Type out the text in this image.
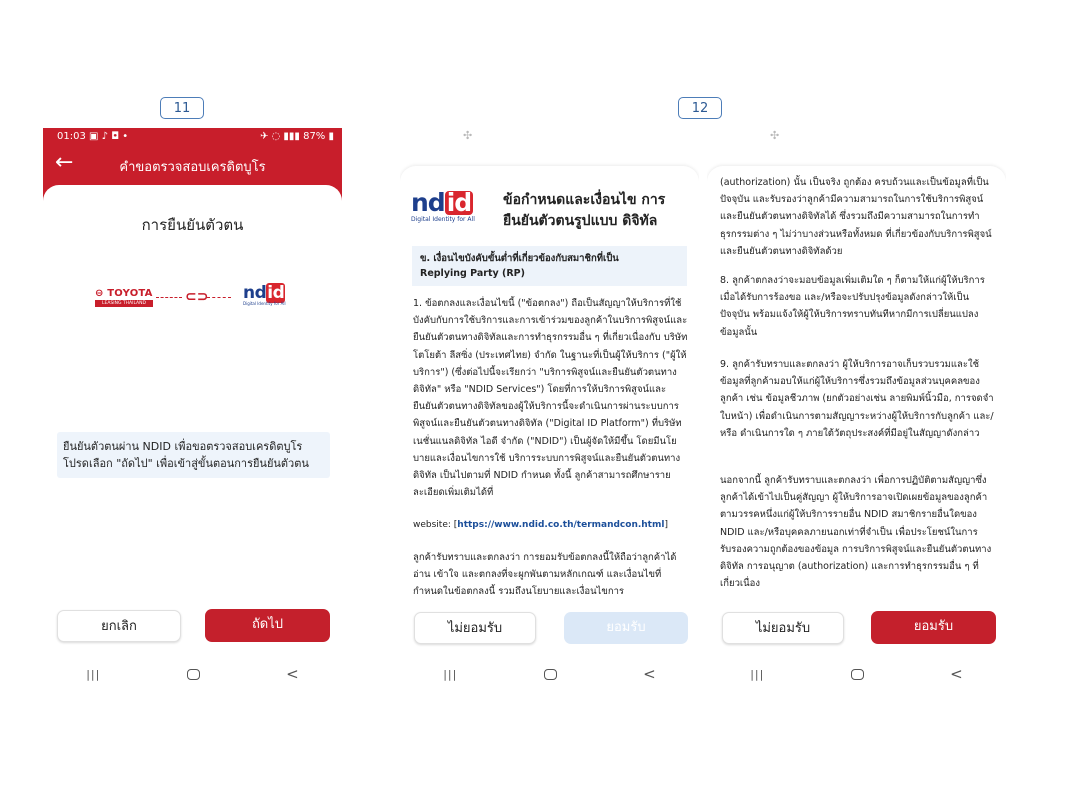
11	12
✣	✣
01:03 ▣ ♪ ◘ •	✈ ◌ ▮▮▮ 87% ▮
←	คำขอตรวจสอบเครดิตบูโร
การยืนยันตัวตน
⊖ TOYOTA
LEASING THAILAND	⊂⊃ ndid
Digital Identity for All
ยืนยันตัวตนผ่าน NDID เพื่อขอตรวจสอบเครดิตบูโร โปรดเลือก "ถัดไป" เพื่อเข้าสู่ขั้นตอนการยืนยันตัวตน
ยกเลิก	ถัดไป
|||	<
ndid
Digital Identity for All
ข้อกำหนดและเงื่อนไข การ
ยืนยันตัวตนรูปแบบ ดิจิทัล
ข. เงื่อนไขบังคับขั้นต่ำที่เกี่ยวข้องกับสมาชิกที่เป็น
Replying Party (RP)
1. ข้อตกลงและเงื่อนไขนี้ ("ข้อตกลง") ถือเป็นสัญญาให้บริการที่ใช้บังคับกับการใช้บริการและการเข้าร่วมของลูกค้าในบริการพิสูจน์และยืนยันตัวตนทางดิจิทัลและการทำธุรกรรมอื่น ๆ ที่เกี่ยวเนื่องกับ บริษัท โตโยต้า ลีสซิ่ง (ประเทศไทย) จำกัด ในฐานะที่เป็นผู้ให้บริการ ("ผู้ให้บริการ") (ซึ่งต่อไปนี้จะเรียกว่า "บริการพิสูจน์และยืนยันตัวตนทางดิจิทัล" หรือ "NDID Services") โดยที่การให้บริการพิสูจน์และยืนยันตัวตนทางดิจิทัลของผู้ให้บริการนี้จะดำเนินการผ่านระบบการพิสูจน์และยืนยันตัวตนทางดิจิทัล ("Digital ID Platform") ที่บริษัท เนชั่นแนลดิจิทัล ไอดี จำกัด ("NDID") เป็นผู้จัดให้มีขึ้น โดยมีนโยบายและเงื่อนไขการใช้ บริการระบบการพิสูจน์และยืนยันตัวตนทางดิจิทัล เป็นไปตามที่ NDID กำหนด ทั้งนี้ ลูกค้าสามารถศึกษารายละเอียดเพิ่มเติมได้ที่
website: [https://www.ndid.co.th/termandcon.html]
ลูกค้ารับทราบและตกลงว่า การยอมรับข้อตกลงนี้ให้ถือว่าลูกค้าได้อ่าน เข้าใจ และตกลงที่จะผูกพันตามหลักเกณฑ์ และเงื่อนไขที่กำหนดในข้อตกลงนี้ รวมถึงนโยบายและเงื่อนไขการ
ไม่ยอมรับ	ยอมรับ
|||	<
(authorization) นั้น เป็นจริง ถูกต้อง ครบถ้วนและเป็นข้อมูลที่เป็นปัจจุบัน และรับรองว่าลูกค้ามีความสามารถในการใช้บริการพิสูจน์และยืนยันตัวตนทางดิจิทัลได้ ซึ่งรวมถึงมีความสามารถในการทำธุรกรรมต่าง ๆ ไม่ว่าบางส่วนหรือทั้งหมด ที่เกี่ยวข้องกับบริการพิสูจน์และยืนยันตัวตนทางดิจิทัลด้วย
8. ลูกค้าตกลงว่าจะมอบข้อมูลเพิ่มเติมใด ๆ ก็ตามให้แก่ผู้ให้บริการเมื่อได้รับการร้องขอ และ/หรือจะปรับปรุงข้อมูลดังกล่าวให้เป็นปัจจุบัน พร้อมแจ้งให้ผู้ให้บริการทราบทันทีหากมีการเปลี่ยนแปลงข้อมูลนั้น
9. ลูกค้ารับทราบและตกลงว่า ผู้ให้บริการอาจเก็บรวบรวมและใช้ข้อมูลที่ลูกค้ามอบให้แก่ผู้ให้บริการซึ่งรวมถึงข้อมูลส่วนบุคคลของลูกค้า เช่น ข้อมูลชีวภาพ (ยกตัวอย่างเช่น ลายพิมพ์นิ้วมือ, การจดจำใบหน้า) เพื่อดำเนินการตามสัญญาระหว่างผู้ให้บริการกับลูกค้า และ/หรือ ดำเนินการใด ๆ ภายใต้วัตถุประสงค์ที่มีอยู่ในสัญญาดังกล่าว
นอกจากนี้ ลูกค้ารับทราบและตกลงว่า เพื่อการปฏิบัติตามสัญญาซึ่งลูกค้าได้เข้าไปเป็นคู่สัญญา ผู้ให้บริการอาจเปิดเผยข้อมูลของลูกค้าตามวรรคหนึ่งแก่ผู้ให้บริการรายอื่น NDID สมาชิกรายอื่นใดของ NDID และ/หรือบุคคลภายนอกเท่าที่จำเป็น เพื่อประโยชน์ในการรับรองความถูกต้องของข้อมูล การบริการพิสูจน์และยืนยันตัวตนทางดิจิทัล การอนุญาต (authorization) และการทำธุรกรรมอื่น ๆ ที่เกี่ยวเนื่อง
ไม่ยอมรับ	ยอมรับ
|||	<
